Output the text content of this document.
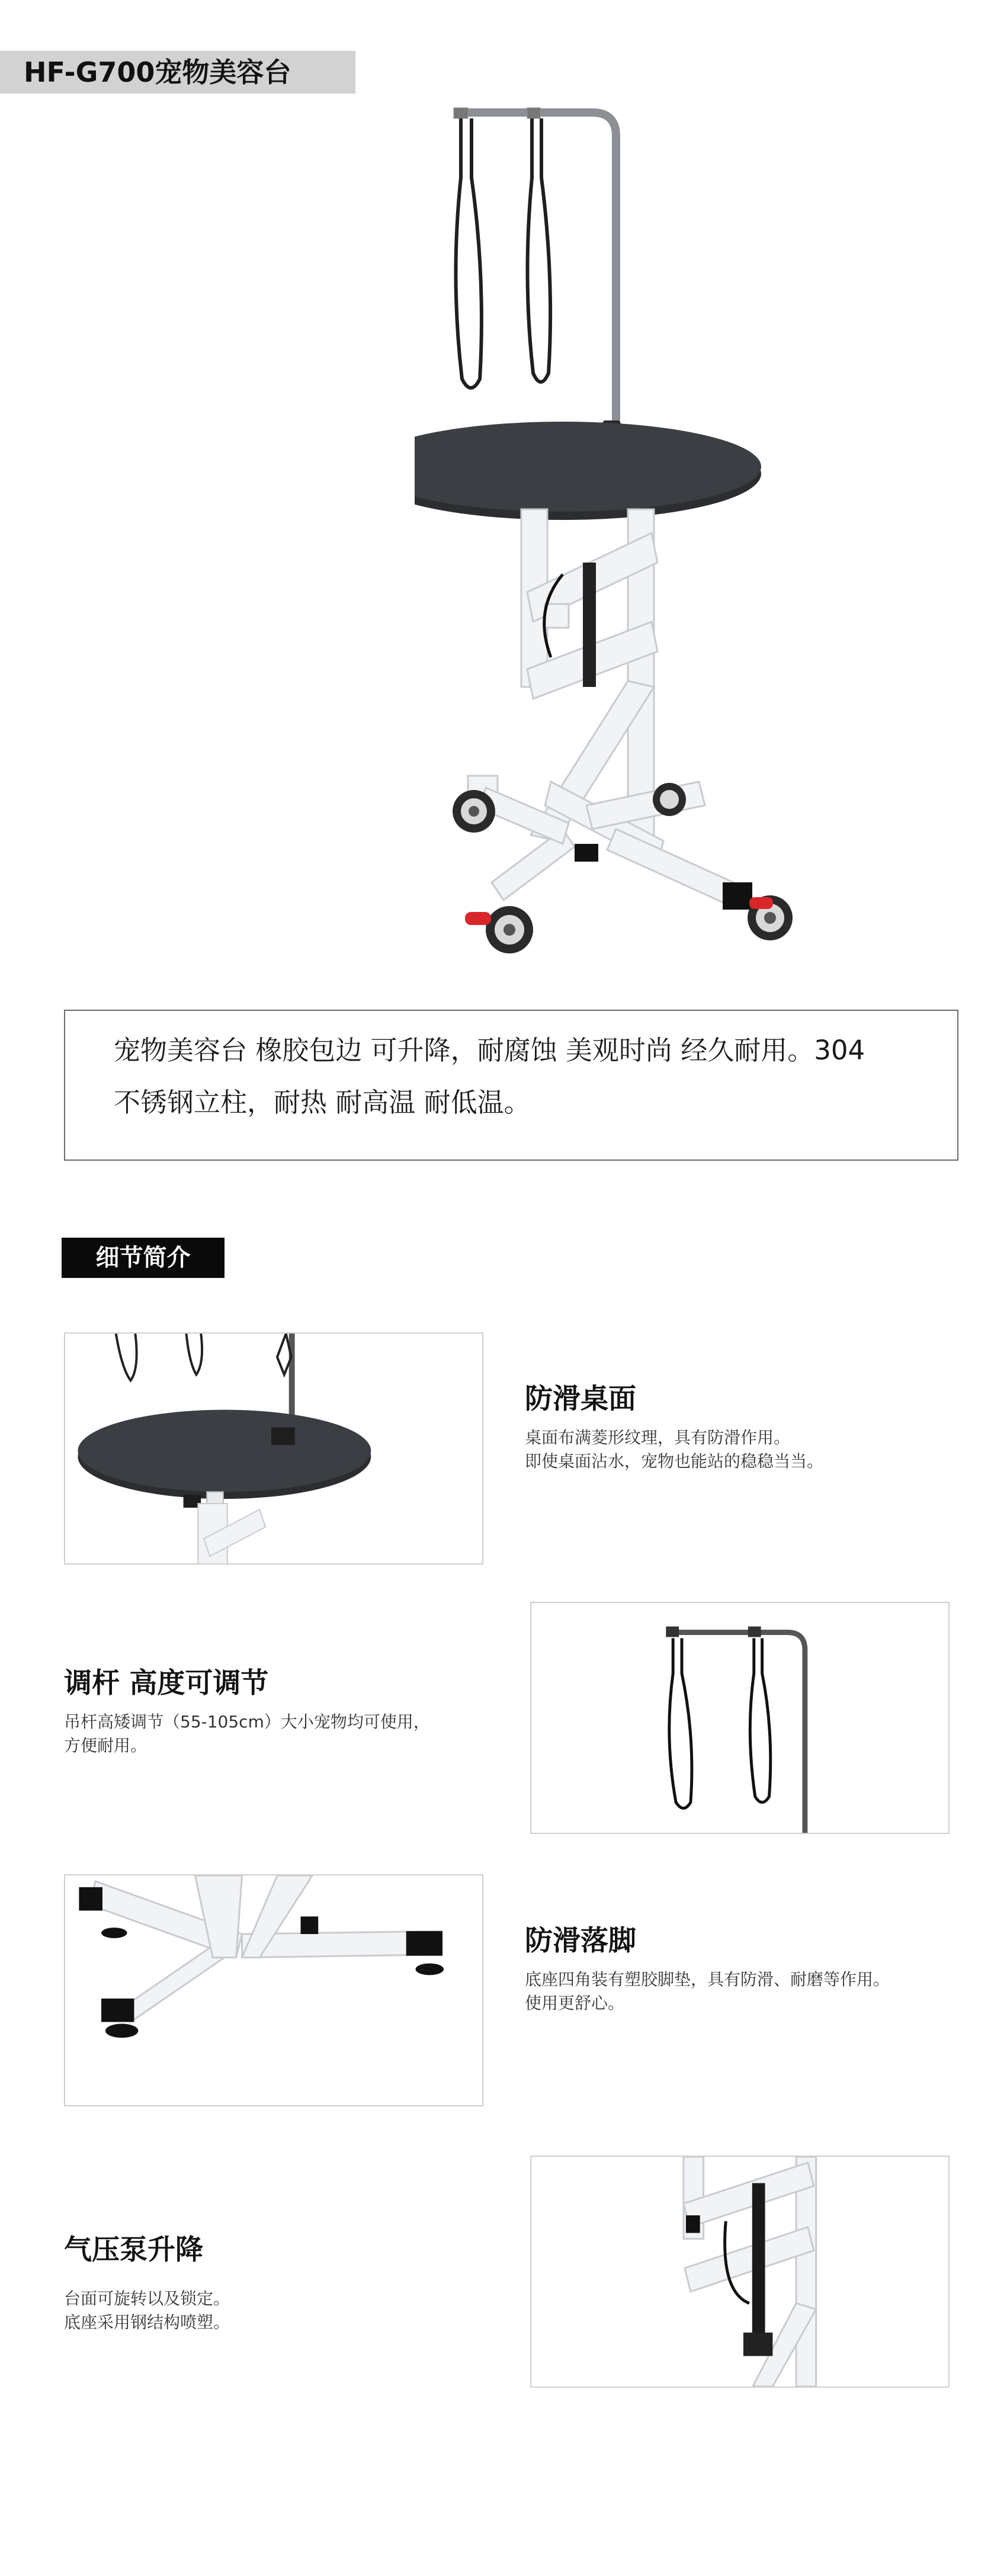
HF-G700宠物美容台
宠物美容台 橡胶包边 可升降，耐腐蚀 美观时尚 经久耐用。304
不锈钢立柱，耐热 耐高温 耐低温。
细节简介
防滑桌面
桌面布满菱形纹理，具有防滑作用。
即使桌面沾水，宠物也能站的稳稳当当。
调杆 高度可调节
吊杆高矮调节（55-105cm）大小宠物均可使用，
方便耐用。
防滑落脚
底座四角装有塑胶脚垫，具有防滑、耐磨等作用。
使用更舒心。
气压泵升降
台面可旋转以及锁定。
底座采用钢结构喷塑。
